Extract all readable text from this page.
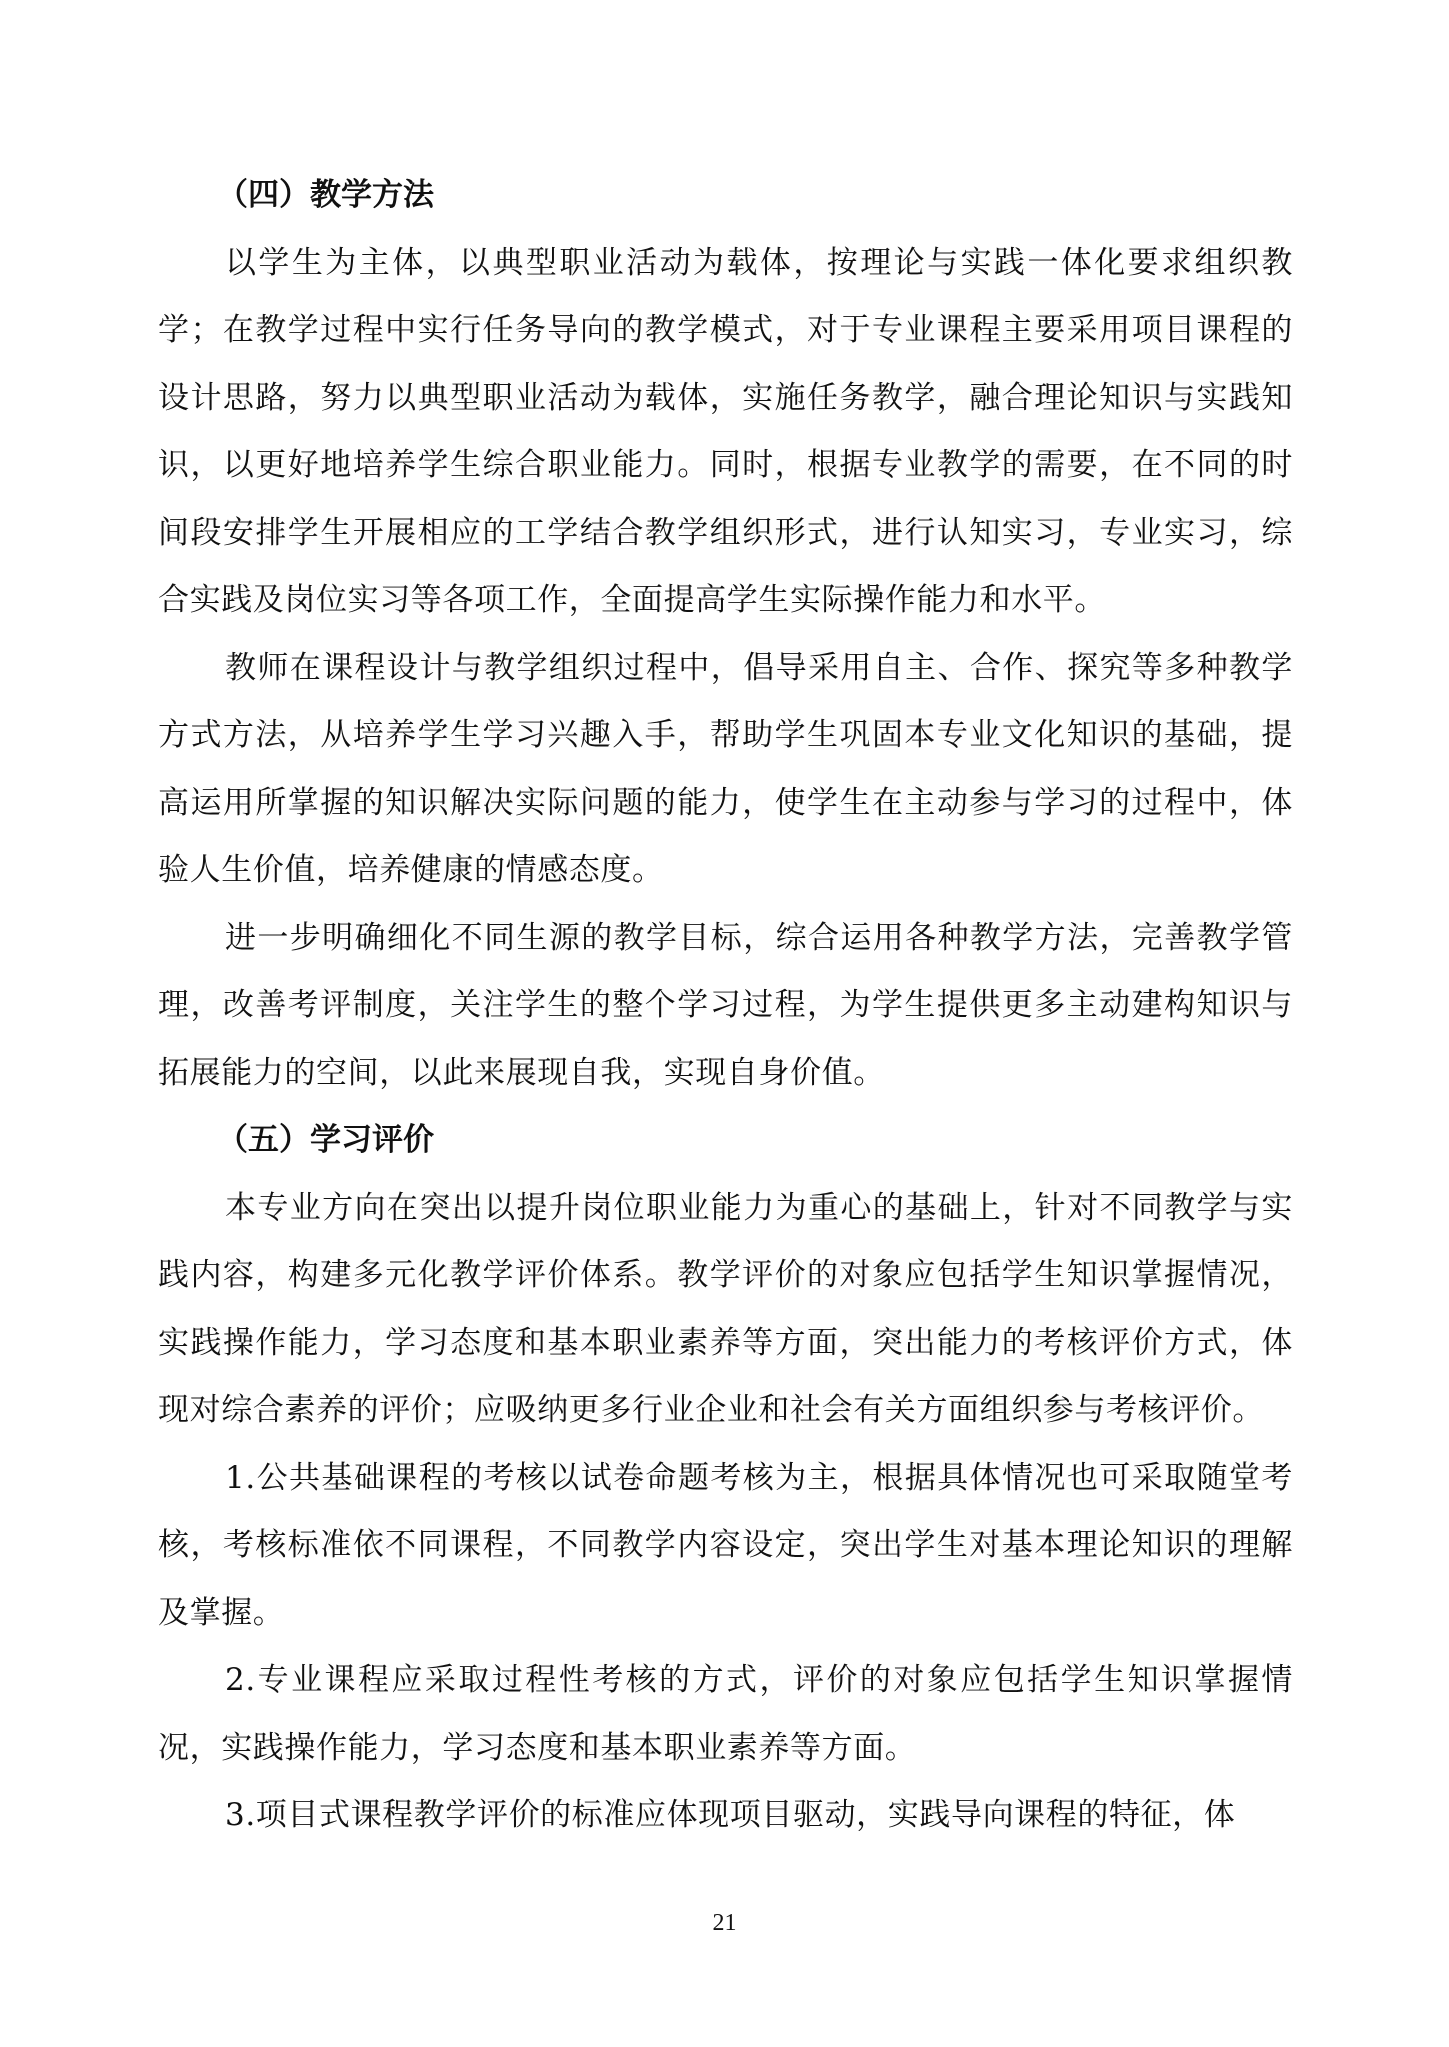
（四）教学方法

以学生为主体，以典型职业活动为载体，按理论与实践一体化要求组织教学；在教学过程中实行任务导向的教学模式，对于专业课程主要采用项目课程的设计思路，努力以典型职业活动为载体，实施任务教学，融合理论知识与实践知识，以更好地培养学生综合职业能力。同时，根据专业教学的需要，在不同的时间段安排学生开展相应的工学结合教学组织形式，进行认知实习，专业实习，综合实践及岗位实习等各项工作，全面提高学生实际操作能力和水平。

教师在课程设计与教学组织过程中，倡导采用自主、合作、探究等多种教学方式方法，从培养学生学习兴趣入手，帮助学生巩固本专业文化知识的基础，提高运用所掌握的知识解决实际问题的能力，使学生在主动参与学习的过程中，体验人生价值，培养健康的情感态度。

进一步明确细化不同生源的教学目标，综合运用各种教学方法，完善教学管理，改善考评制度，关注学生的整个学习过程，为学生提供更多主动建构知识与拓展能力的空间，以此来展现自我，实现自身价值。

（五）学习评价

本专业方向在突出以提升岗位职业能力为重心的基础上，针对不同教学与实践内容，构建多元化教学评价体系。教学评价的对象应包括学生知识掌握情况，实践操作能力，学习态度和基本职业素养等方面，突出能力的考核评价方式，体现对综合素养的评价；应吸纳更多行业企业和社会有关方面组织参与考核评价。

1.公共基础课程的考核以试卷命题考核为主，根据具体情况也可采取随堂考核，考核标准依不同课程，不同教学内容设定，突出学生对基本理论知识的理解及掌握。

2.专业课程应采取过程性考核的方式，评价的对象应包括学生知识掌握情况，实践操作能力，学习态度和基本职业素养等方面。

3.项目式课程教学评价的标准应体现项目驱动，实践导向课程的特征，体

21
